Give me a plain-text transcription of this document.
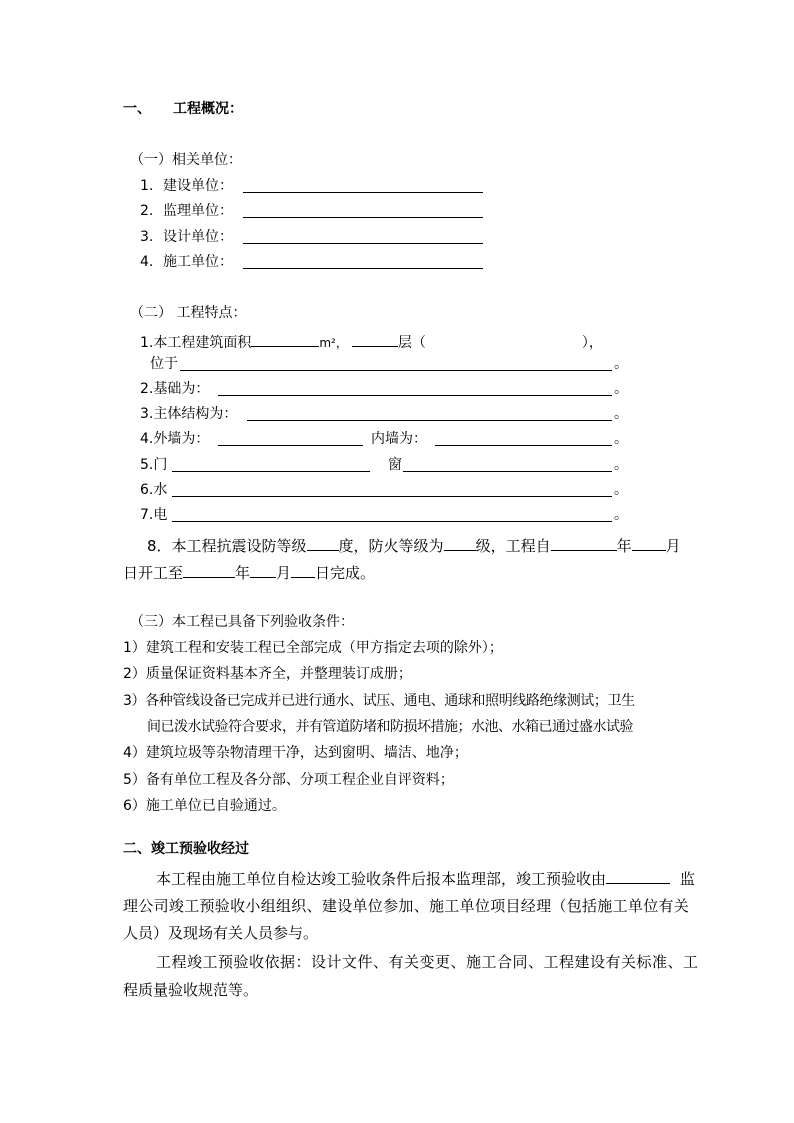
一、 工程概况：
（一）相关单位：
1. 建设单位：
2. 监理单位：
3. 设计单位：
4. 施工单位：
（二） 工程特点：
1.本工程建筑面积	m²，	层（	），
位于	。
2.基础为：	。
3.主体结构为：	。
4.外墙为：	内墙为：	。
5.门	窗	。
6.水	。
7.电	。
8．本工程抗震设防等级 度，防火等级为 级，工程自	年 月
日开工至	年 月 日完成。
（三）本工程已具备下列验收条件：
1）建筑工程和安装工程已全部完成（甲方指定去项的除外）；
2）质量保证资料基本齐全，并整理装订成册；
3）各种管线设备已完成并已进行通水、试压、通电、通球和照明线路绝缘测试；卫生
间已泼水试验符合要求，并有管道防堵和防损坏措施；水池、水箱已通过盛水试验
4）建筑垃圾等杂物清理干净，达到窗明、墙洁、地净；
5）备有单位工程及各分部、分项工程企业自评资料；
6）施工单位已自验通过。
二、竣工预验收经过
本工程由施工单位自检达竣工验收条件后报本监理部，竣工预验收由	监
理公司竣工预验收小组组织、建设单位参加、施工单位项目经理（包括施工单位有关
人员）及现场有关人员参与。
工程竣工预验收依据：设计文件、有关变更、施工合同、工程建设有关标准、工
程质量验收规范等。
